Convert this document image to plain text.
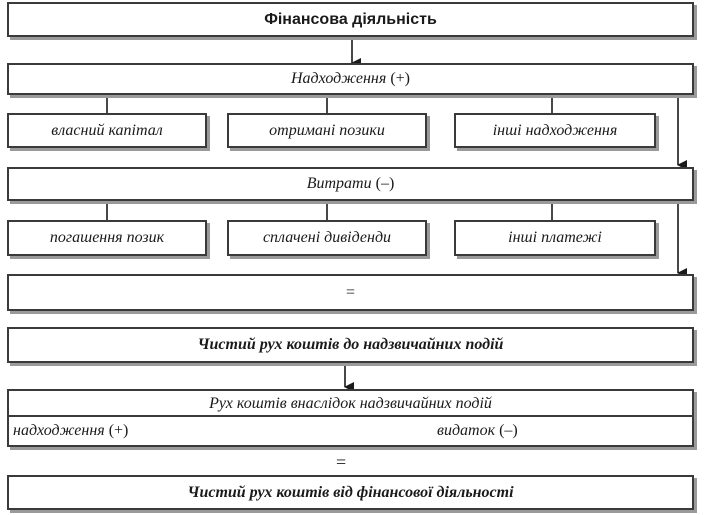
Фінансова діяльність
Надходження (+)
власний капітал	отримані позики	інші надходження
Витрати (–)
погашення позик	сплачені дивіденди	інші платежі
=
Чистий рух коштів до надзвичайних подій
Рух коштів внаслідок надзвичайних подій
надходження (+)	видаток (–)
=
Чистий рух коштів від фінансової діяльності
